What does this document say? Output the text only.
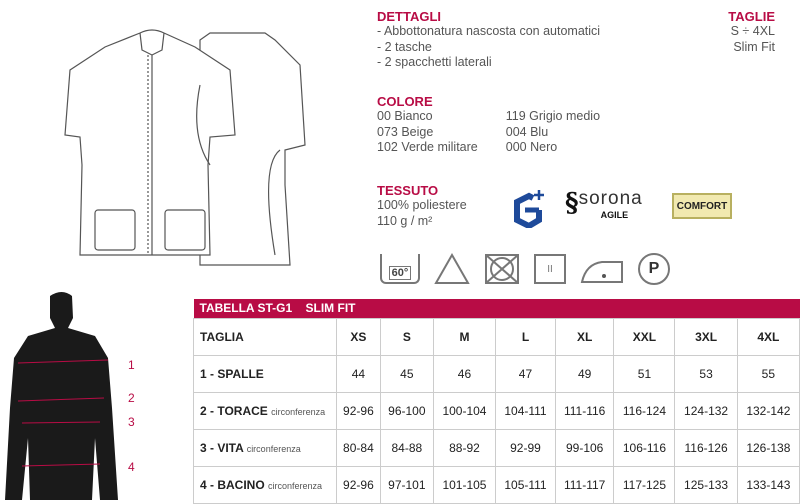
DETTAGLI
- Abbottonatura nascosta con automatici
- 2 tasche
- 2 spacchetti laterali
TAGLIE
S ÷ 4XL
Slim Fit
COLORE
00 Bianco
073 Beige
102 Verde militare
119 Grigio medio
004 Blu
000 Nero
TESSUTO
100% poliestere
110 g / m²
§ sorona
AGILE
COMFORT
60°	II	P
1
2
3
4
TABELLA ST-G1 SLIM FIT								
TAGLIA	XS	S	M	L	XL	XXL	3XL	4XL
1 - SPALLE	44	45	46	47	49	51	53	55
2 - TORACE circonferenza	92-96	96-100	100-104	104-111	111-116	116-124	124-132	132-142
3 - VITA circonferenza	80-84	84-88	88-92	92-99	99-106	106-116	116-126	126-138
4 - BACINO circonferenza	92-96	97-101	101-105	105-111	111-117	117-125	125-133	133-143
